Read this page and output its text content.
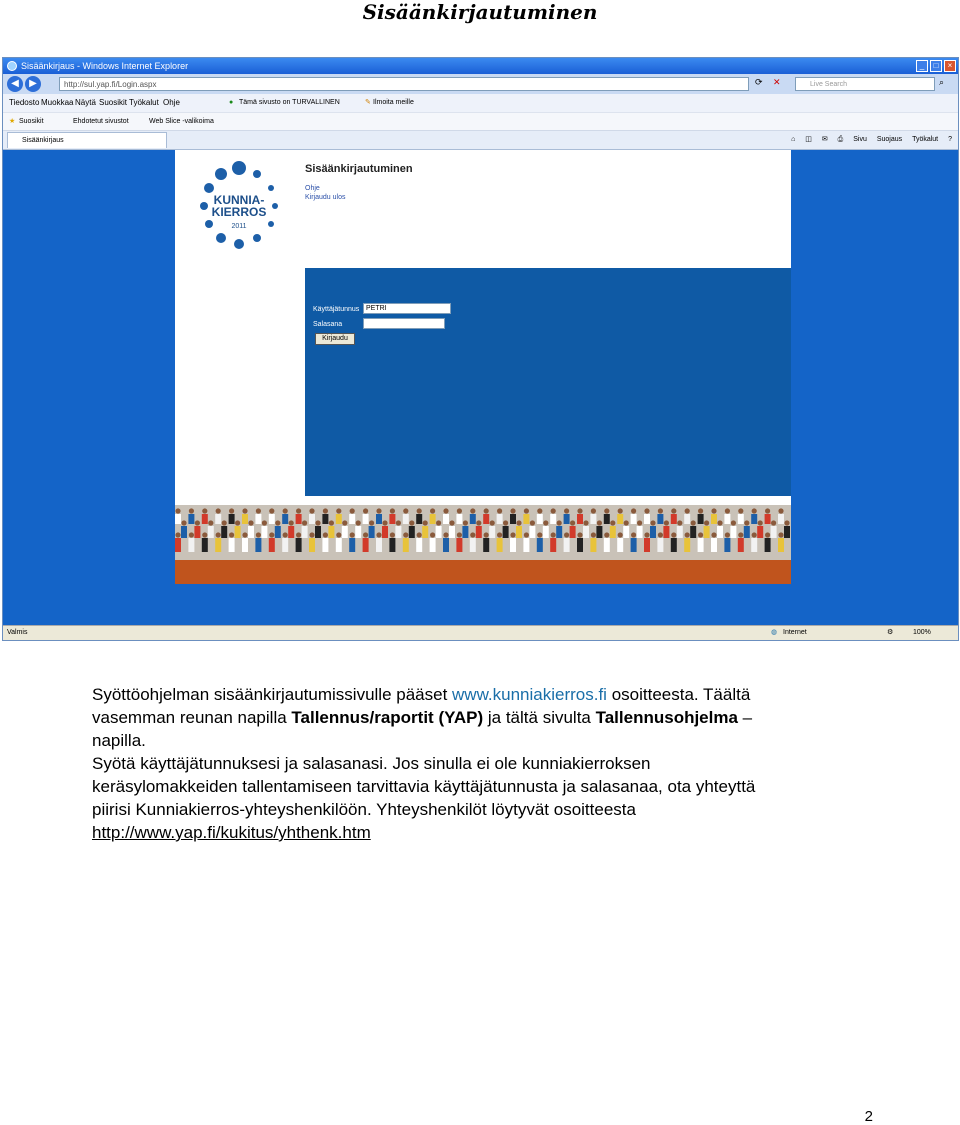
Sisäänkirjautuminen
Sisäänkirjaus - Windows Internet Explorer	_	□	×
◀	▶	http://sul.yap.fi/Login.aspx	⟳ ✕	Live Search	⌕
Tiedosto Muokkaa Näytä Suosikit Työkalut Ohje	● Tämä sivusto on TURVALLINEN	✎ Ilmoita meille
★ Suosikit	Ehdotetut sivustot	Web Slice -valikoima
Sisäänkirjaus	⌂ ◫ ✉ ⎙ Sivu Suojaus Työkalut ?
KUNNIA-
KIERROS
2011
Sisäänkirjautuminen
Ohje
Kirjaudu ulos
Käyttäjätunnus PETRI
Salasana
Kirjaudu
Valmis	◍ Internet	⚙	100%
Syöttöohjelman sisäänkirjautumissivulle pääset www.kunniakierros.fi osoitteesta. Täältä
vasemman reunan napilla Tallennus/raportit (YAP) ja tältä sivulta Tallennusohjelma –
napilla.
Syötä käyttäjätunnuksesi ja salasanasi. Jos sinulla ei ole kunniakierroksen
keräsylomakkeiden tallentamiseen tarvittavia käyttäjätunnusta ja salasanaa, ota yhteyttä
piirisi Kunniakierros-yhteyshenkilöön. Yhteyshenkilöt löytyvät osoitteesta
http://www.yap.fi/kukitus/yhthenk.htm
2
